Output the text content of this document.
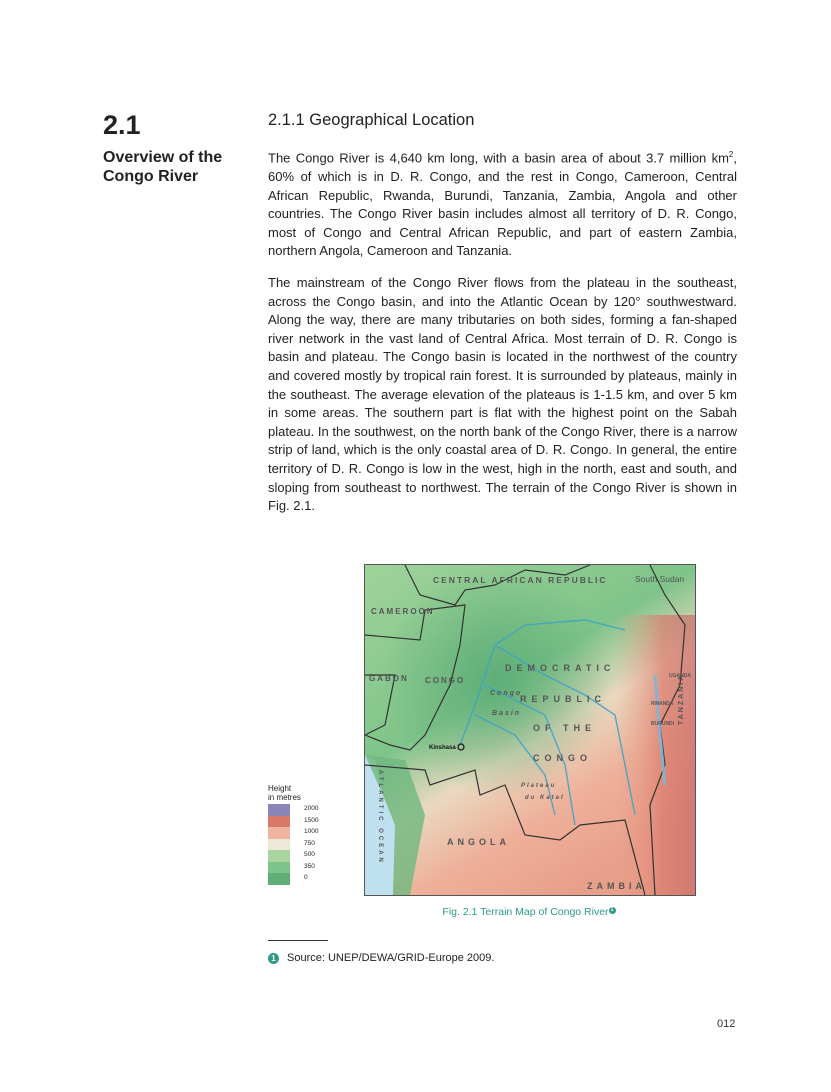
2.1
Overview of the Congo River
2.1.1 Geographical Location
The Congo River is 4,640 km long, with a basin area of about 3.7 million $km^2$, 60% of which is in D. R. Congo, and the rest in Congo, Cameroon, Central African Republic, Rwanda, Burundi, Tanzania, Zambia, Angola and other countries. The Congo River basin includes almost all territory of D. R. Congo, most of Congo and Central African Republic, and part of eastern Zambia, northern Angola, Cameroon and Tanzania.
The mainstream of the Congo River flows from the plateau in the southeast, across the Congo basin, and into the Atlantic Ocean by 120° southwestward. Along the way, there are many tributaries on both sides, forming a fan-shaped river network in the vast land of Central Africa. Most terrain of D. R. Congo is basin and plateau. The Congo basin is located in the northwest of the country and covered mostly by tropical rain forest. It is surrounded by plateaus, mainly in the southeast. The average elevation of the plateaus is 1-1.5 km, and over 5 km in some areas. The southern part is flat with the highest point on the Sabah plateau. In the southwest, on the north bank of the Congo River, there is a narrow strip of land, which is the only coastal area of D. R. Congo. In general, the entire territory of D. R. Congo is low in the west, high in the north, east and south, and sloping from southeast to northwest. The terrain of the Congo River is shown in Fig. 2.1.
CENTRAL AFRICAN REPUBLIC	South Sudan
CAMEROON
GABON CONGO
DEMOCRATIC
REPUBLIC
OF THE
CONGO
Congo
Basin
Kinshasa
ATLANTIC OCEAN	Plateau
du Katal
ANGOLA
ZAMBIA
UGANDA
RWANDA
BURUNDI TANZANIA
Height
in metres
2000
1500
1000
750
500
350
0
Fig. 2.1 Terrain Map of Congo River $^1$
1 Source: UNEP/DEWA/GRID-Europe 2009.
012
